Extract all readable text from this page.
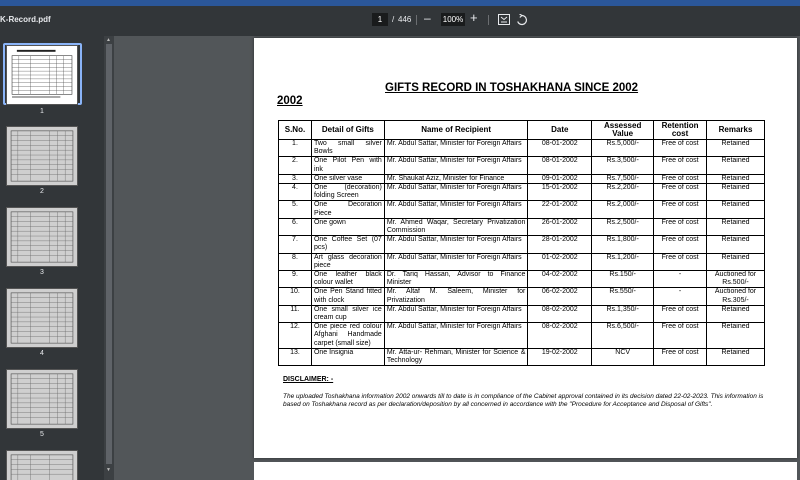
K-Record.pdf	1	/ 446 – 100% +
1
2
3
4
5
▲
▼
GIFTS RECORD IN TOSHAKHANA SINCE 2002
2002
S.No.	Detail of Gifts	Name of Recipient	Date	Assessed Value	Retention cost	Remarks
1.	Two small silver Bowls	Mr. Abdul Sattar, Minister for Foreign Affairs	08-01-2002	Rs.5,000/-	Free of cost	Retained
2.	One Pilot Pen with ink	Mr. Abdul Sattar, Minister for Foreign Affairs	08-01-2002	Rs.3,500/-	Free of cost	Retained
3.	One silver vase	Mr. Shaukat Aziz, Minister for Finance	09-01-2002	Rs.7,500/-	Free of cost	Retained
4.	One (decoration) folding Screen	Mr. Abdul Sattar, Minister for Foreign Affairs	15-01-2002	Rs.2,200/-	Free of cost	Retained
5.	One Decoration Piece	Mr. Abdul Sattar, Minister for Foreign Affairs	22-01-2002	Rs.2,000/-	Free of cost	Retained
6.	One gown	Mr. Ahmed Waqar, Secretary Privatization Commission	26-01-2002	Rs.2,500/-	Free of cost	Retained
7.	One Coffee Set (07 pcs)	Mr. Abdul Sattar, Minister for Foreign Affairs	28-01-2002	Rs.1,800/-	Free of cost	Retained
8.	Art glass decoration piece	Mr. Abdul Sattar, Minister for Foreign Affairs	01-02-2002	Rs.1,200/-	Free of cost	Retained
9.	One leather black colour wallet	Dr. Tariq Hassan, Advisor to Finance Minister	04-02-2002	Rs.150/-	-	Auctioned for Rs.500/-
10.	One Pen Stand fitted with clock	Mr. Altaf M. Saleem, Minister for Privatization	06-02-2002	Rs.550/-	-	Auctioned for Rs.305/-
11.	One small silver ice cream cup	Mr. Abdul Sattar, Minister for Foreign Affairs	08-02-2002	Rs.1,350/-	Free of cost	Retained
12.	One piece red colour Afghani Handmade carpet (small size)	Mr. Abdul Sattar, Minister for Foreign Affairs	08-02-2002	Rs.6,500/-	Free of cost	Retained
13.	One Insignia	Mr. Atta-ur- Rehman, Minister for Science & Technology	19-02-2002	NCV	Free of cost	Retained
DISCLAIMER: -
The uploaded Toshakhana information 2002 onwards till to date is in compliance of the Cabinet approval contained in its decision dated 22-02-2023. This information is based on Toshakhana record as per declaration/deposition by all concerned in accordance with the "Procedure for Acceptance and Disposal of Gifts".
